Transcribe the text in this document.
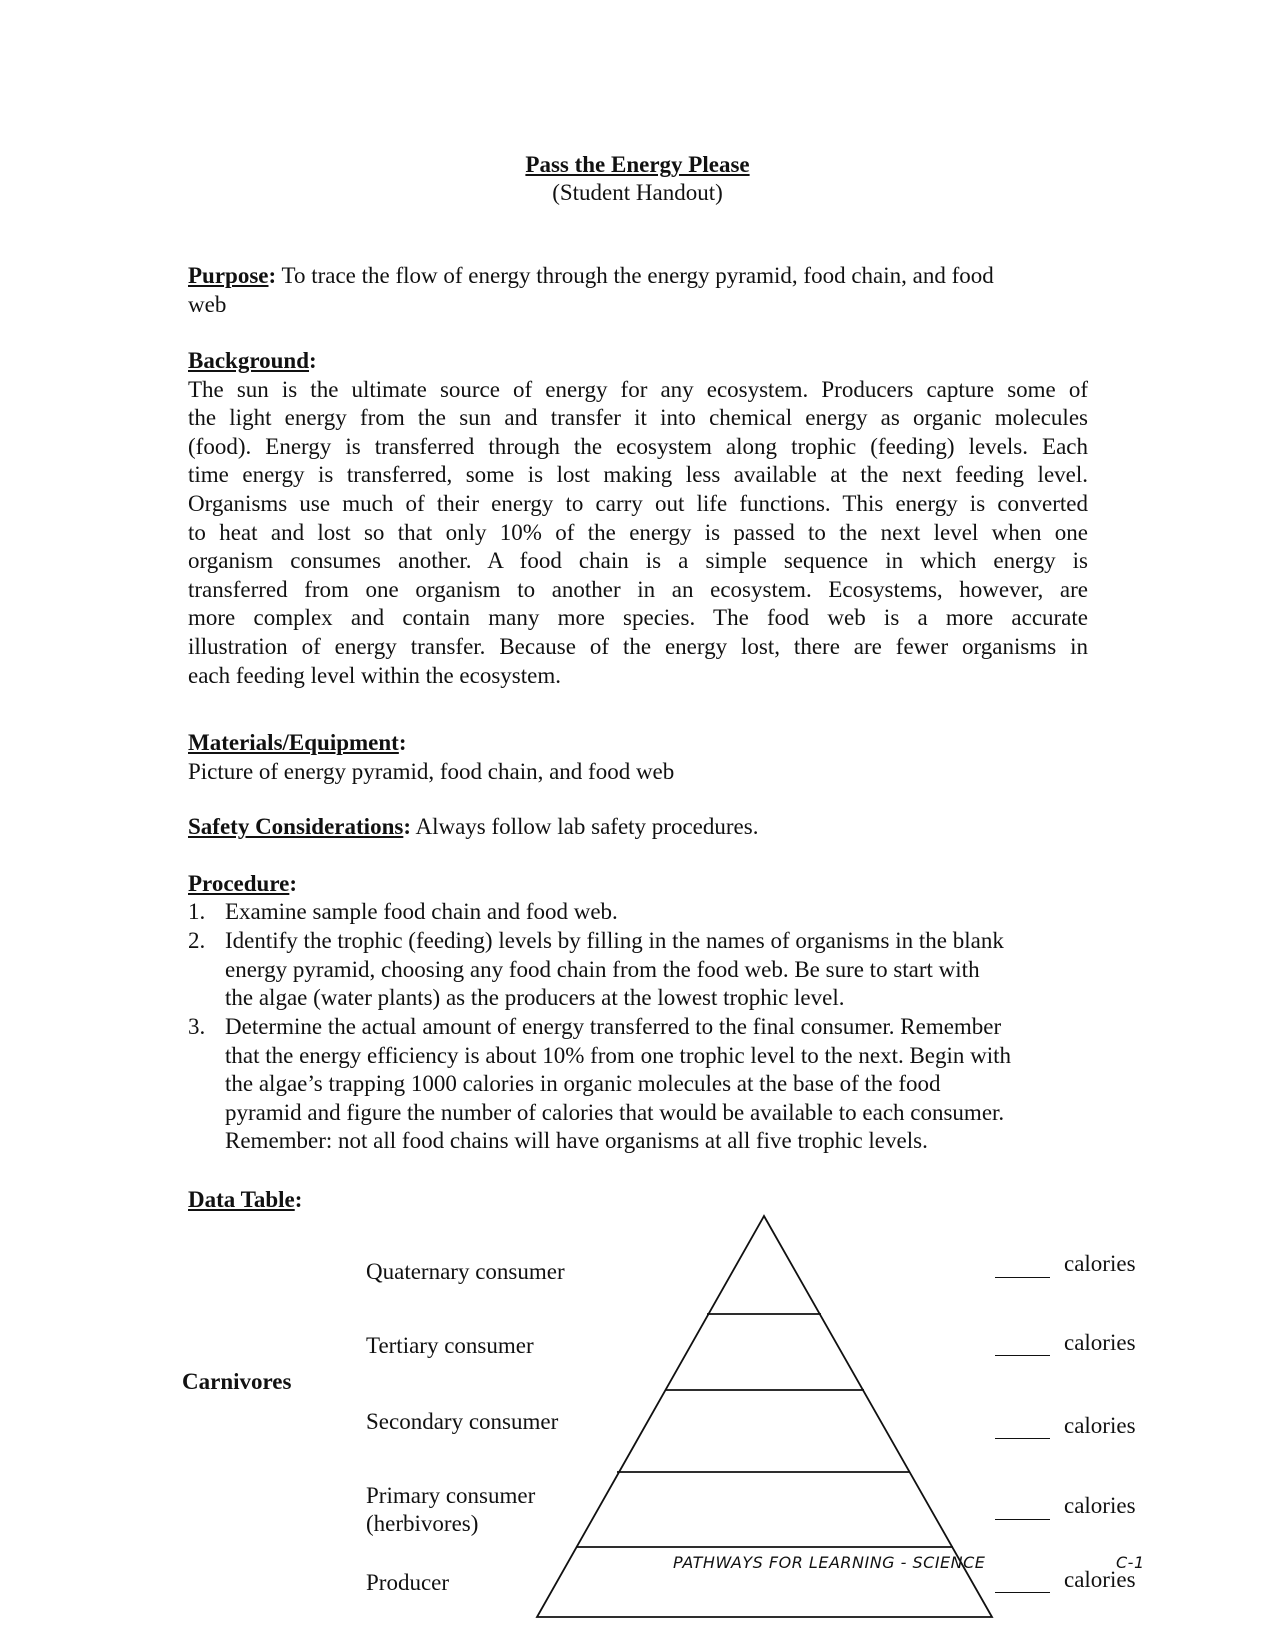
Pass the Energy Please
(Student Handout)
Purpose: To trace the flow of energy through the energy pyramid, food chain, and food
web
Background:
The sun is the ultimate source of energy for any ecosystem. Producers capture some of
the light energy from the sun and transfer it into chemical energy as organic molecules
(food). Energy is transferred through the ecosystem along trophic (feeding) levels. Each
time energy is transferred, some is lost making less available at the next feeding level.
Organisms use much of their energy to carry out life functions. This energy is converted
to heat and lost so that only 10% of the energy is passed to the next level when one
organism consumes another. A food chain is a simple sequence in which energy is
transferred from one organism to another in an ecosystem. Ecosystems, however, are
more complex and contain many more species. The food web is a more accurate
illustration of energy transfer. Because of the energy lost, there are fewer organisms in
each feeding level within the ecosystem.
Materials/Equipment:
Picture of energy pyramid, food chain, and food web
Safety Considerations: Always follow lab safety procedures.
Procedure:
1. Examine sample food chain and food web.
2. Identify the trophic (feeding) levels by filling in the names of organisms in the blank
energy pyramid, choosing any food chain from the food web. Be sure to start with
the algae (water plants) as the producers at the lowest trophic level.
3. Determine the actual amount of energy transferred to the final consumer. Remember
that the energy efficiency is about 10% from one trophic level to the next. Begin with
the algae’s trapping 1000 calories in organic molecules at the base of the food
pyramid and figure the number of calories that would be available to each consumer.
Remember: not all food chains will have organisms at all five trophic levels.
Data Table:
Carnivores
Quaternary consumer
Tertiary consumer
Secondary consumer
Primary consumer
(herbivores)
Producer
calories
calories
calories
calories
calories
PATHWAYS FOR LEARNING - SCIENCE	C-1
